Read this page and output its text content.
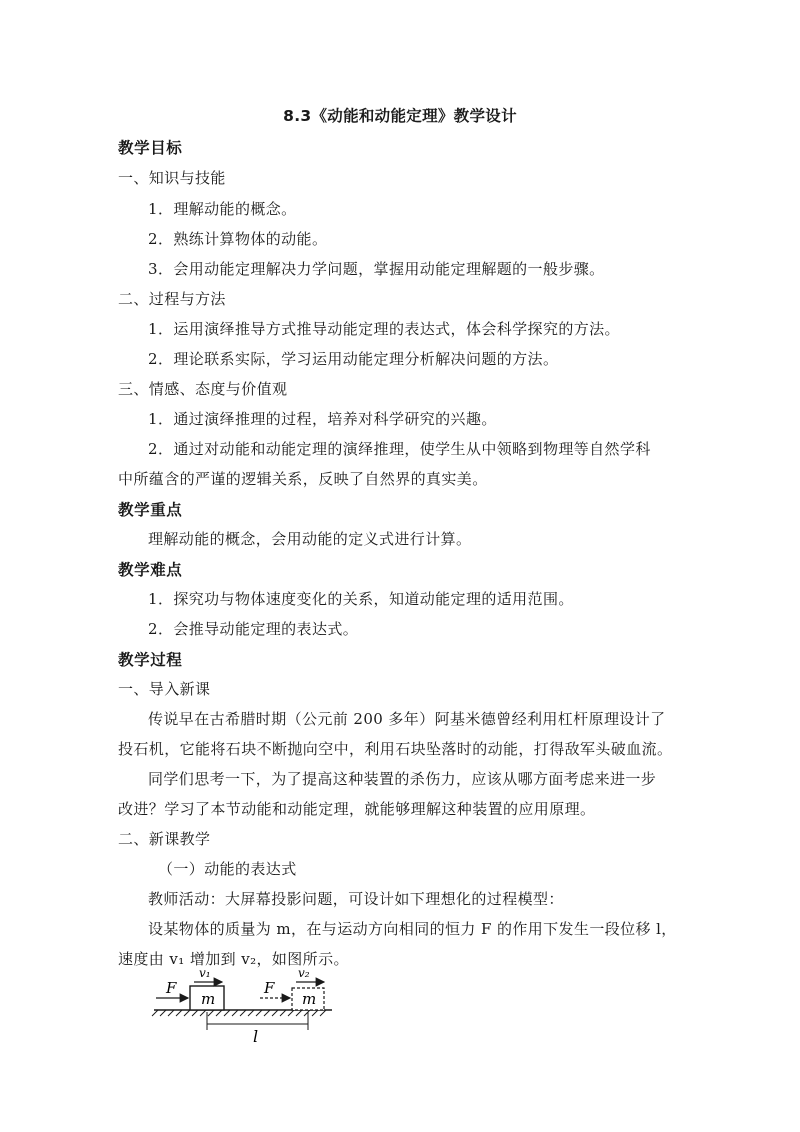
8.3《动能和动能定理》教学设计
教学目标
一、知识与技能
1．理解动能的概念。
2．熟练计算物体的动能。
3．会用动能定理解决力学问题，掌握用动能定理解题的一般步骤。
二、过程与方法
1．运用演绎推导方式推导动能定理的表达式，体会科学探究的方法。
2．理论联系实际，学习运用动能定理分析解决问题的方法。
三、情感、态度与价值观
1．通过演绎推理的过程，培养对科学研究的兴趣。
2．通过对动能和动能定理的演绎推理，使学生从中领略到物理等自然学科
中所蕴含的严谨的逻辑关系，反映了自然界的真实美。
教学重点
理解动能的概念，会用动能的定义式进行计算。
教学难点
1．探究功与物体速度变化的关系，知道动能定理的适用范围。
2．会推导动能定理的表达式。
教学过程
一、导入新课
传说早在古希腊时期（公元前 200 多年）阿基米德曾经利用杠杆原理设计了
投石机，它能将石块不断抛向空中，利用石块坠落时的动能，打得敌军头破血流。
同学们思考一下，为了提高这种装置的杀伤力，应该从哪方面考虑来进一步
改进？学习了本节动能和动能定理，就能够理解这种装置的应用原理。
二、新课教学
（一）动能的表达式
教师活动：大屏幕投影问题，可设计如下理想化的过程模型：
设某物体的质量为 m，在与运动方向相同的恒力 F 的作用下发生一段位移 l，
速度由 v₁ 增加到 v₂，如图所示。
m
F
v₁
m
F
v₂
l
